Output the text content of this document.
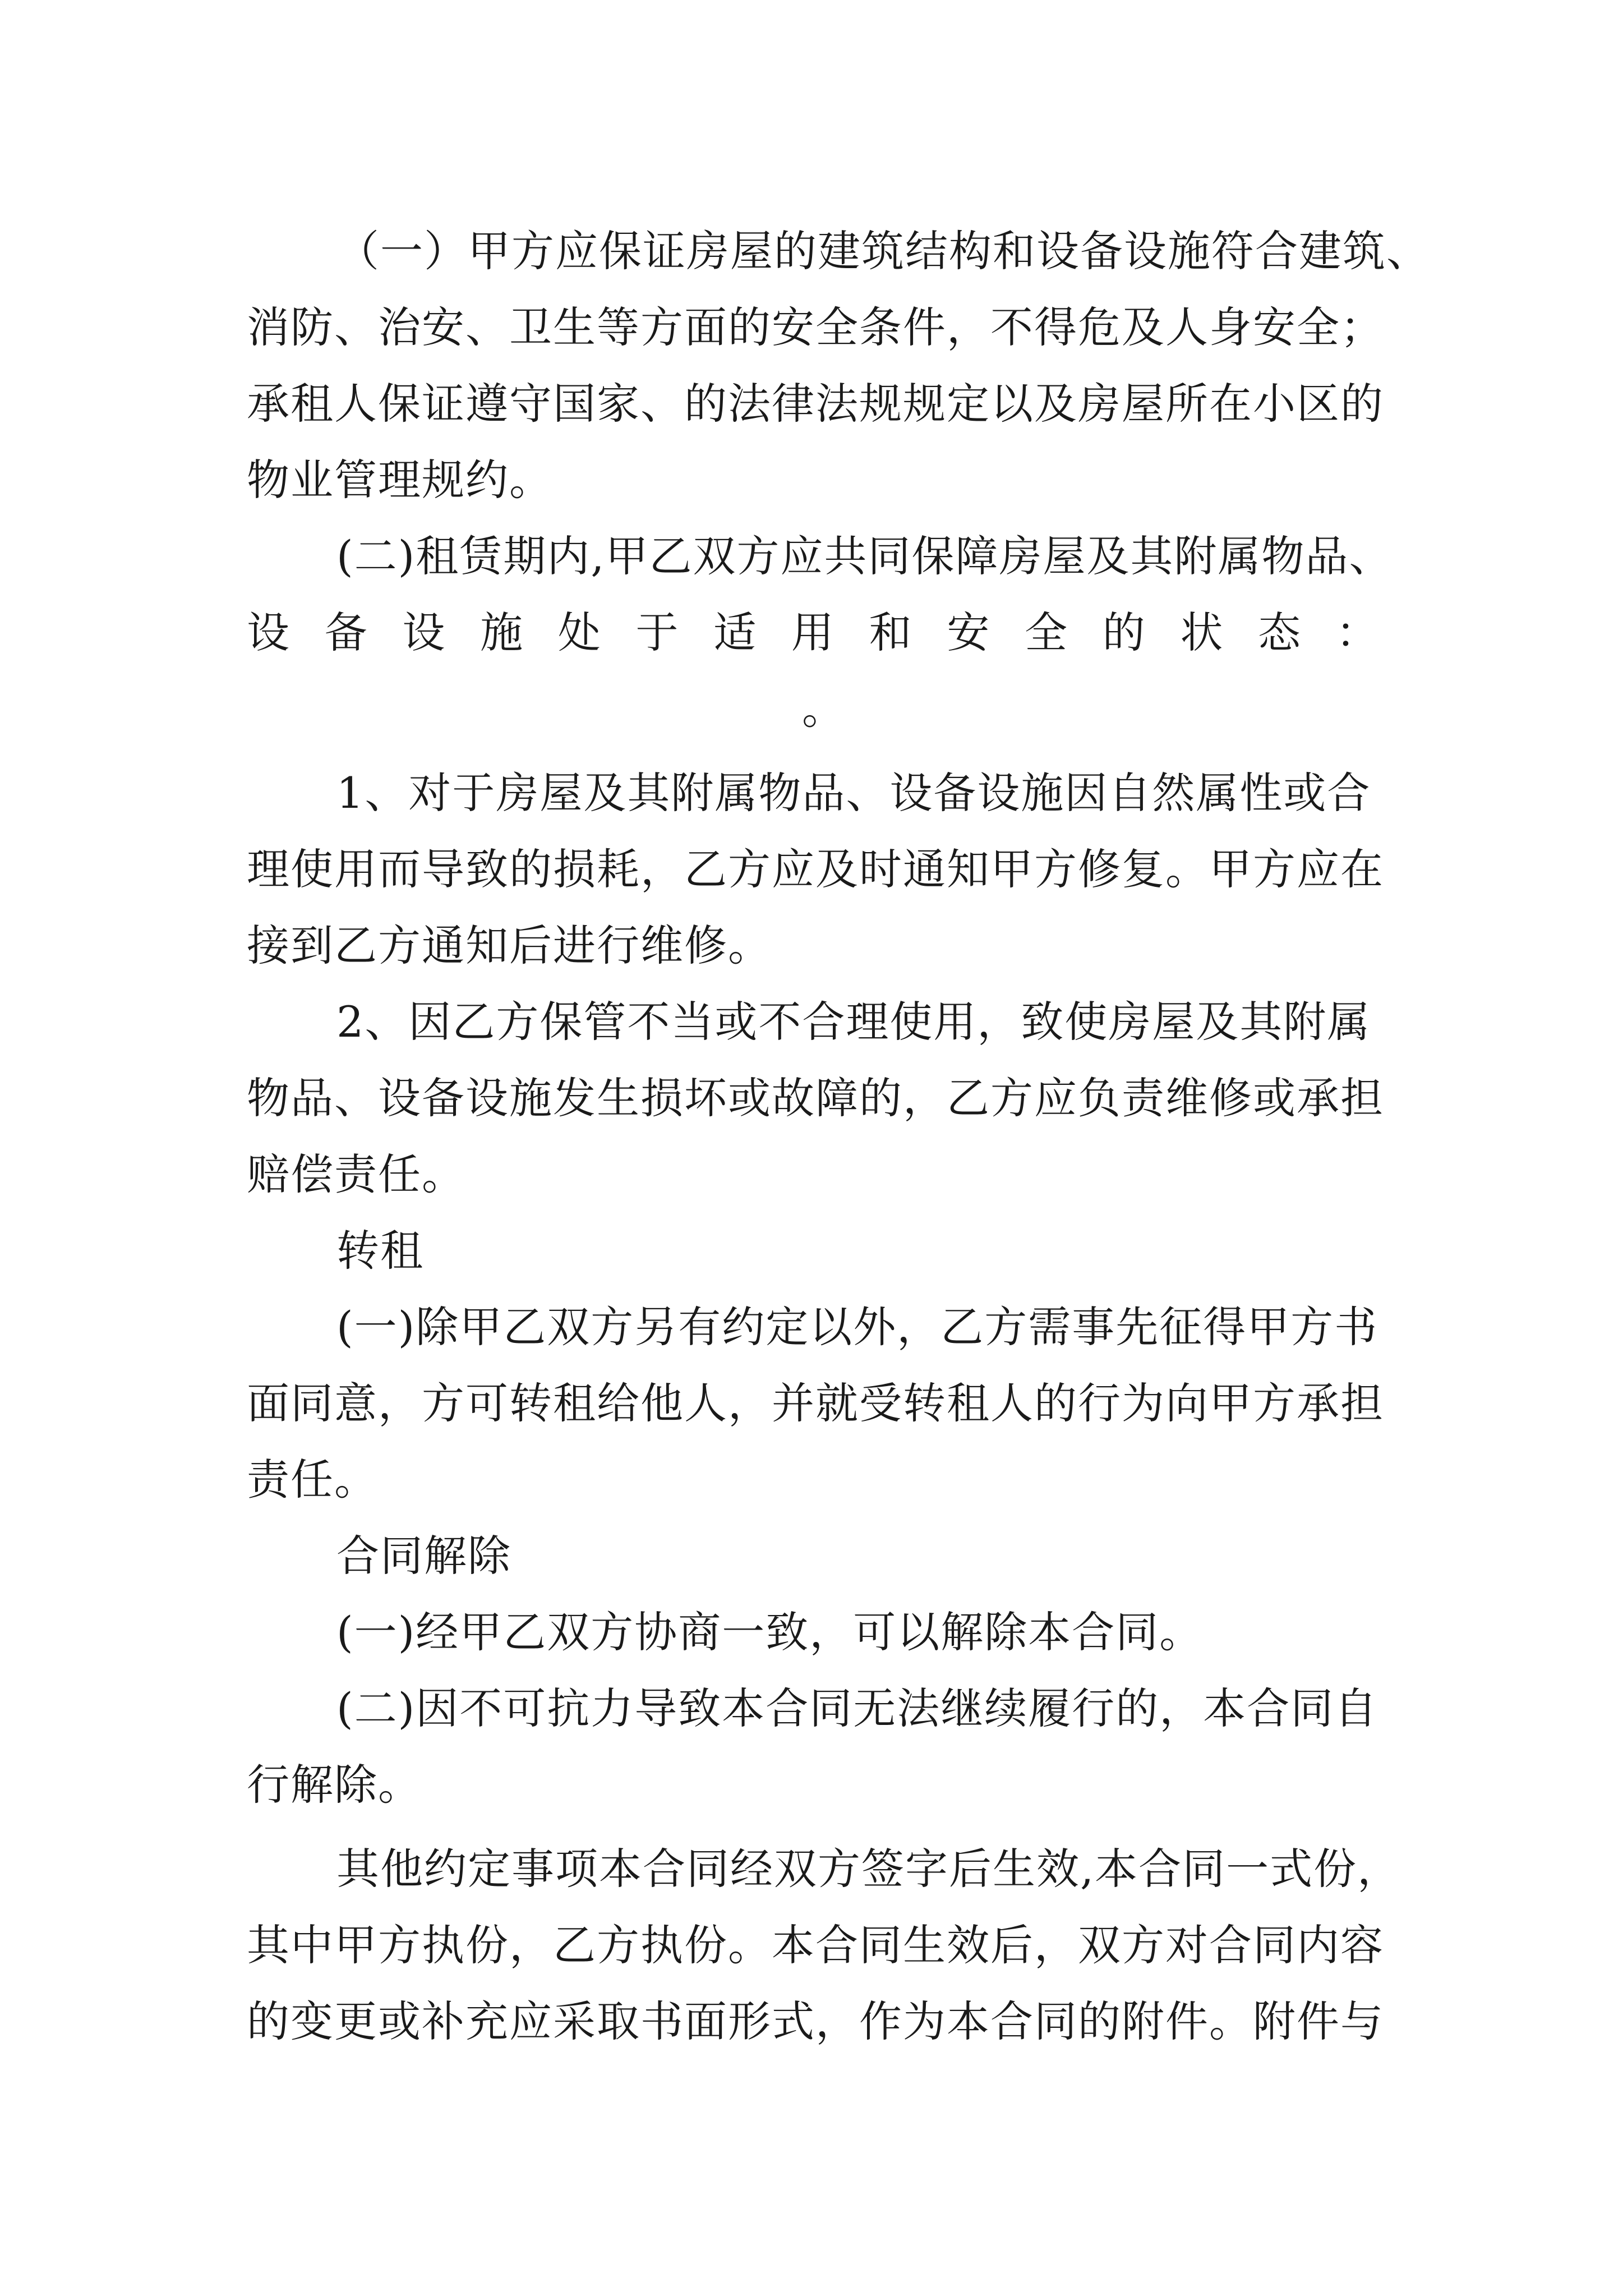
（一）甲方应保证房屋的建筑结构和设备设施符合建筑、
消防、治安、卫生等方面的安全条件，不得危及人身安全；
承租人保证遵守国家、的法律法规规定以及房屋所在小区的
物业管理规约。
(二)租赁期内,甲乙双方应共同保障房屋及其附属物品、
设 备 设 施 处 于 适 用 和 安 全 的 状 态 ：
。
1、对于房屋及其附属物品、设备设施因自然属性或合
理使用而导致的损耗，乙方应及时通知甲方修复。甲方应在
接到乙方通知后进行维修。
2、因乙方保管不当或不合理使用，致使房屋及其附属
物品、设备设施发生损坏或故障的，乙方应负责维修或承担
赔偿责任。
转租
(一)除甲乙双方另有约定以外，乙方需事先征得甲方书
面同意，方可转租给他人，并就受转租人的行为向甲方承担
责任。
合同解除
(一)经甲乙双方协商一致，可以解除本合同。
(二)因不可抗力导致本合同无法继续履行的，本合同自
行解除。
其他约定事项本合同经双方签字后生效,本合同一式份，
其中甲方执份，乙方执份。本合同生效后，双方对合同内容
的变更或补充应采取书面形式，作为本合同的附件。附件与
